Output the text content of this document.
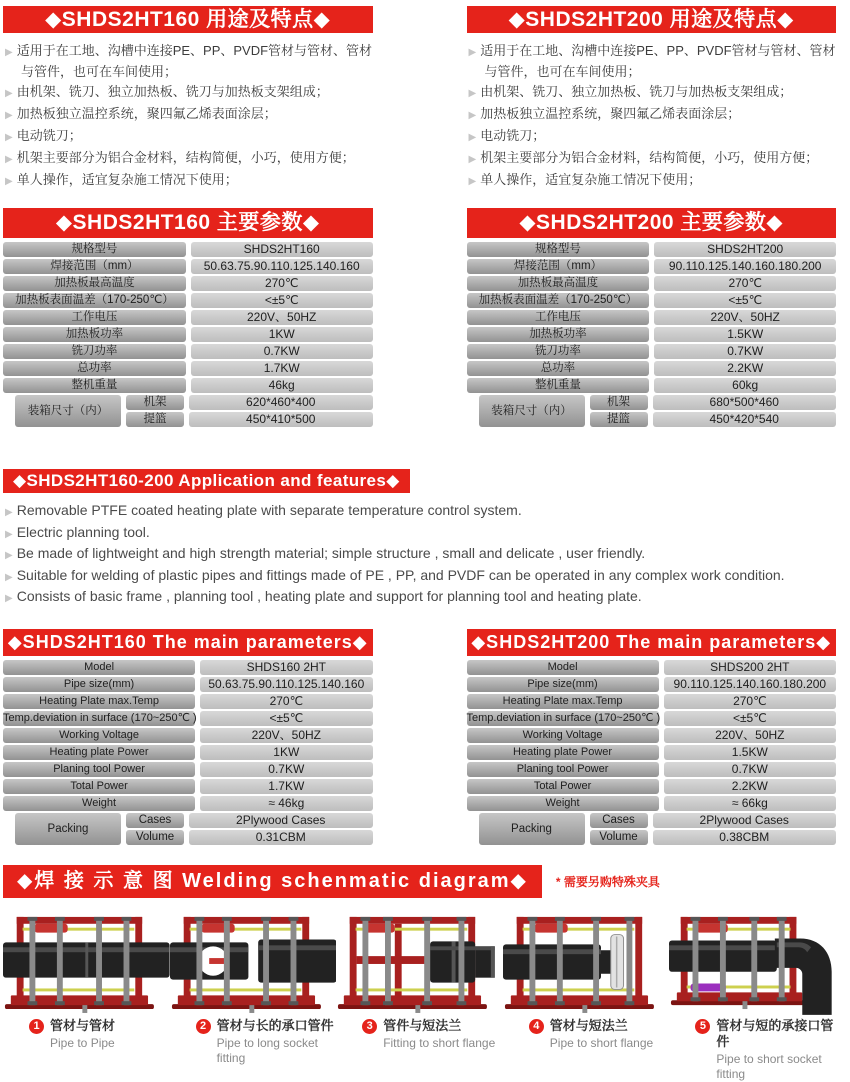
◆SHDS2HT160 用途及特点◆
▶ 适用于在工地、沟槽中连接PE、PP、PVDF管材与管材、管材与管件，也可在车间使用；
▶ 由机架、铣刀、独立加热板、铣刀与加热板支架组成；
▶ 加热板独立温控系统，聚四氟乙烯表面涂层；
▶ 电动铣刀；
▶ 机架主要部分为铝合金材料，结构简便，小巧，使用方便；
▶ 单人操作，适宜复杂施工情况下使用；
◆SHDS2HT200 用途及特点◆
▶ 适用于在工地、沟槽中连接PE、PP、PVDF管材与管材、管材与管件，也可在车间使用；
▶ 由机架、铣刀、独立加热板、铣刀与加热板支架组成；
▶ 加热板独立温控系统，聚四氟乙烯表面涂层；
▶ 电动铣刀；
▶ 机架主要部分为铝合金材料，结构简便，小巧，使用方便；
▶ 单人操作，适宜复杂施工情况下使用；
◆SHDS2HT160 主要参数◆
规格型号	SHDS2HT160
焊接范围（mm）	50.63.75.90.110.125.140.160
加热板最高温度	270℃
加热板表面温差（170-250℃）	<±5℃
工作电压	220V、50HZ
加热板功率	1KW
铣刀功率	0.7KW
总功率	1.7KW
整机重量	46kg
装箱尺寸（内）
机架	620*460*400
提篮	450*410*500
◆SHDS2HT200 主要参数◆
规格型号	SHDS2HT200
焊接范围（mm）	90.110.125.140.160.180.200
加热板最高温度	270℃
加热板表面温差（170-250℃）	<±5℃
工作电压	220V、50HZ
加热板功率	1.5KW
铣刀功率	0.7KW
总功率	2.2KW
整机重量	60kg
装箱尺寸（内）
机架	680*500*460
提篮	450*420*540
◆SHDS2HT160-200 Application and features◆
▶ Removable PTFE coated heating plate with separate temperature control system.
▶ Electric planning tool.
▶ Be made of lightweight and high strength material; simple structure , small and delicate , user friendly.
▶ Suitable for welding of plastic pipes and fittings made of PE , PP, and PVDF can be operated in any complex work condition.
▶ Consists of basic frame , planning tool , heating plate and support for planning tool and heating plate.
◆SHDS2HT160 The main parameters◆
Model	SHDS160 2HT
Pipe size(mm)	50.63.75.90.110.125.140.160
Heating Plate max.Temp	270℃
Temp.deviation in surface (170~250℃ )	<±5℃
Working Voltage	220V、50HZ
Heating plate Power	1KW
Planing tool Power	0.7KW
Total Power	1.7KW
Weight	≈ 46kg
Packing
Cases	2Plywood Cases
Volume	0.31CBM
◆SHDS2HT200 The main parameters◆
Model	SHDS200 2HT
Pipe size(mm)	90.110.125.140.160.180.200
Heating Plate max.Temp	270℃
Temp.deviation in surface (170~250℃ )	<±5℃
Working Voltage	220V、50HZ
Heating plate Power	1.5KW
Planing tool Power	0.7KW
Total Power	2.2KW
Weight	≈ 66kg
Packing
Cases	2Plywood Cases
Volume	0.38CBM
◆焊 接 示 意 图 Welding schenmatic diagram◆	* 需要另购特殊夹具
1 管材与管材
Pipe to Pipe
2 管材与长的承口管件
Pipe to long socket fitting
3 管件与短法兰
Fitting to short flange
4 管材与短法兰
Pipe to short flange
5 管材与短的承接口管件
Pipe to short socket fitting
